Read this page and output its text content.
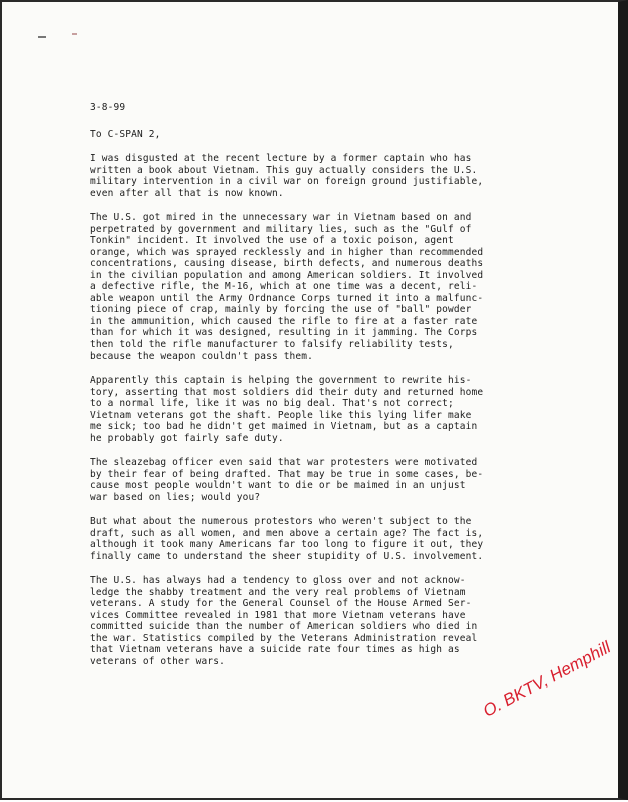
3-8-99
To C-SPAN 2,
I was disgusted at the recent lecture by a former captain who has
written a book about Vietnam. This guy actually considers the U.S.
military intervention in a civil war on foreign ground justifiable,
even after all that is now known.
The U.S. got mired in the unnecessary war in Vietnam based on and
perpetrated by government and military lies, such as the "Gulf of
Tonkin" incident. It involved the use of a toxic poison, agent
orange, which was sprayed recklessly and in higher than recommended
concentrations, causing disease, birth defects, and numerous deaths
in the civilian population and among American soldiers. It involved
a defective rifle, the M-16, which at one time was a decent, reli-
able weapon until the Army Ordnance Corps turned it into a malfunc-
tioning piece of crap, mainly by forcing the use of "ball" powder
in the ammunition, which caused the rifle to fire at a faster rate
than for which it was designed, resulting in it jamming. The Corps
then told the rifle manufacturer to falsify reliability tests,
because the weapon couldn't pass them.
Apparently this captain is helping the government to rewrite his-
tory, asserting that most soldiers did their duty and returned home
to a normal life, like it was no big deal. That's not correct;
Vietnam veterans got the shaft. People like this lying lifer make
me sick; too bad he didn't get maimed in Vietnam, but as a captain
he probably got fairly safe duty.
The sleazebag officer even said that war protesters were motivated
by their fear of being drafted. That may be true in some cases, be-
cause most people wouldn't want to die or be maimed in an unjust
war based on lies; would you?
But what about the numerous protestors who weren't subject to the
draft, such as all women, and men above a certain age? The fact is,
although it took many Americans far too long to figure it out, they
finally came to understand the sheer stupidity of U.S. involvement.
The U.S. has always had a tendency to gloss over and not acknow-
ledge the shabby treatment and the very real problems of Vietnam
veterans. A study for the General Counsel of the House Armed Ser-
vices Committee revealed in 1981 that more Vietnam veterans have
committed suicide than the number of American soldiers who died in
the war. Statistics compiled by the Veterans Administration reveal
that Vietnam veterans have a suicide rate four times as high as
veterans of other wars.	O. BKTV, Hemphill
